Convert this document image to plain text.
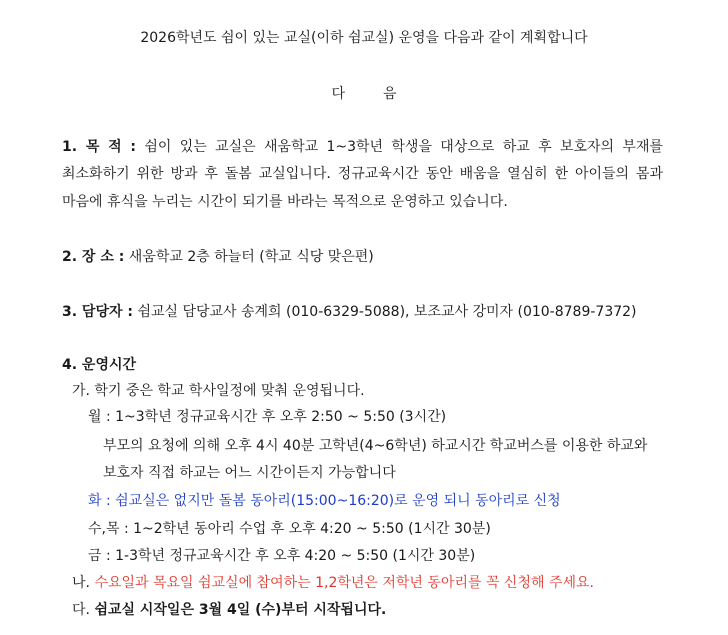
2026학년도 쉼이 있는 교실(이하 쉼교실) 운영을 다음과 같이 계획합니다
다	음
1. 목 적 : 쉼이 있는 교실은 새움학교 1~3학년 학생을 대상으로 하교 후 보호자의 부재를
최소화하기 위한 방과 후 돌봄 교실입니다. 정규교육시간 동안 배움을 열심히 한 아이들의 몸과
마음에 휴식을 누리는 시간이 되기를 바라는 목적으로 운영하고 있습니다.
2. 장 소 : 새움학교 2층 하늘터 (학교 식당 맞은편)
3. 담당자 : 쉼교실 담당교사 송계희 (010-6329-5088), 보조교사 강미자 (010-8789-7372)
4. 운영시간
가. 학기 중은 학교 학사일정에 맞춰 운영됩니다.
월 : 1~3학년 정규교육시간 후 오후 2:50 ~ 5:50 (3시간)
부모의 요청에 의해 오후 4시 40분 고학년(4~6학년) 하교시간 학교버스를 이용한 하교와
보호자 직접 하교는 어느 시간이든지 가능합니다
화 : 쉼교실은 없지만 돌봄 동아리(15:00~16:20)로 운영 되니 동아리로 신청
수,목 : 1~2학년 동아리 수업 후 오후 4:20 ~ 5:50 (1시간 30분)
금 : 1-3학년 정규교육시간 후 오후 4:20 ~ 5:50 (1시간 30분)
나. 수요일과 목요일 쉼교실에 참여하는 1,2학년은 저학년 동아리를 꼭 신청해 주세요.
다. 쉼교실 시작일은 3월 4일 (수)부터 시작됩니다.
